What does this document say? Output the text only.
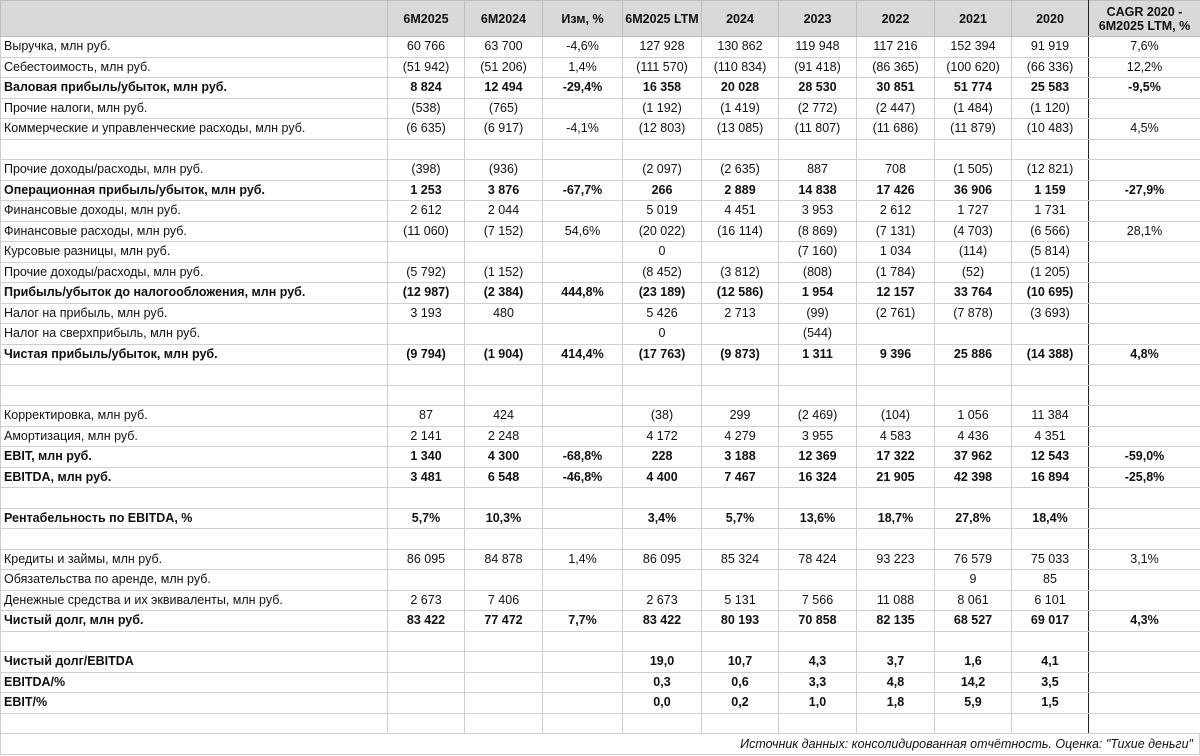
	6M2025	6M2024	Изм, %	6M2025 LTM	2024	2023	2022	2021	2020	CAGR 2020 - 6M2025 LTM, %
Выручка, млн руб.	60 766	63 700	-4,6%	127 928	130 862	119 948	117 216	152 394	91 919	7,6%
Себестоимость, млн руб.	(51 942)	(51 206)	1,4%	(111 570)	(110 834)	(91 418)	(86 365)	(100 620)	(66 336)	12,2%
Валовая прибыль/убыток, млн руб.	8 824	12 494	-29,4%	16 358	20 028	28 530	30 851	51 774	25 583	-9,5%
Прочие налоги, млн руб.	(538)	(765)		(1 192)	(1 419)	(2 772)	(2 447)	(1 484)	(1 120)	
Коммерческие и управленческие расходы, млн руб.	(6 635)	(6 917)	-4,1%	(12 803)	(13 085)	(11 807)	(11 686)	(11 879)	(10 483)	4,5%

Прочие доходы/расходы, млн руб.	(398)	(936)		(2 097)	(2 635)	887	708	(1 505)	(12 821)	
Операционная прибыль/убыток, млн руб.	1 253	3 876	-67,7%	266	2 889	14 838	17 426	36 906	1 159	-27,9%
Финансовые доходы, млн руб.	2 612	2 044		5 019	4 451	3 953	2 612	1 727	1 731	
Финансовые расходы, млн руб.	(11 060)	(7 152)	54,6%	(20 022)	(16 114)	(8 869)	(7 131)	(4 703)	(6 566)	28,1%
Курсовые разницы, млн руб.				0		(7 160)	1 034	(114)	(5 814)	
Прочие доходы/расходы, млн руб.	(5 792)	(1 152)		(8 452)	(3 812)	(808)	(1 784)	(52)	(1 205)	
Прибыль/убыток до налогообложения, млн руб.	(12 987)	(2 384)	444,8%	(23 189)	(12 586)	1 954	12 157	33 764	(10 695)	
Налог на прибыль, млн руб.	3 193	480		5 426	2 713	(99)	(2 761)	(7 878)	(3 693)	
Налог на сверхприбыль, млн руб.				0		(544)				
Чистая прибыль/убыток, млн руб.	(9 794)	(1 904)	414,4%	(17 763)	(9 873)	1 311	9 396	25 886	(14 388)	4,8%

Корректировка, млн руб.	87	424		(38)	299	(2 469)	(104)	1 056	11 384	
Амортизация, млн руб.	2 141	2 248		4 172	4 279	3 955	4 583	4 436	4 351	
EBIT, млн руб.	1 340	4 300	-68,8%	228	3 188	12 369	17 322	37 962	12 543	-59,0%
EBITDA, млн руб.	3 481	6 548	-46,8%	4 400	7 467	16 324	21 905	42 398	16 894	-25,8%

Рентабельность по EBITDA, %	5,7%	10,3%		3,4%	5,7%	13,6%	18,7%	27,8%	18,4%	

Кредиты и займы, млн руб.	86 095	84 878	1,4%	86 095	85 324	78 424	93 223	76 579	75 033	3,1%
Обязательства по аренде, млн руб.								9	85	
Денежные средства и их эквиваленты, млн руб.	2 673	7 406		2 673	5 131	7 566	11 088	8 061	6 101	
Чистый долг, млн руб.	83 422	77 472	7,7%	83 422	80 193	70 858	82 135	68 527	69 017	4,3%

Чистый долг/EBITDA				19,0	10,7	4,3	3,7	1,6	4,1	
EBITDA/%				0,3	0,6	3,3	4,8	14,2	3,5	
EBIT/%				0,0	0,2	1,0	1,8	5,9	1,5	

Источник данных: консолидированная отчётность. Оценка: "Тихие деньги"
